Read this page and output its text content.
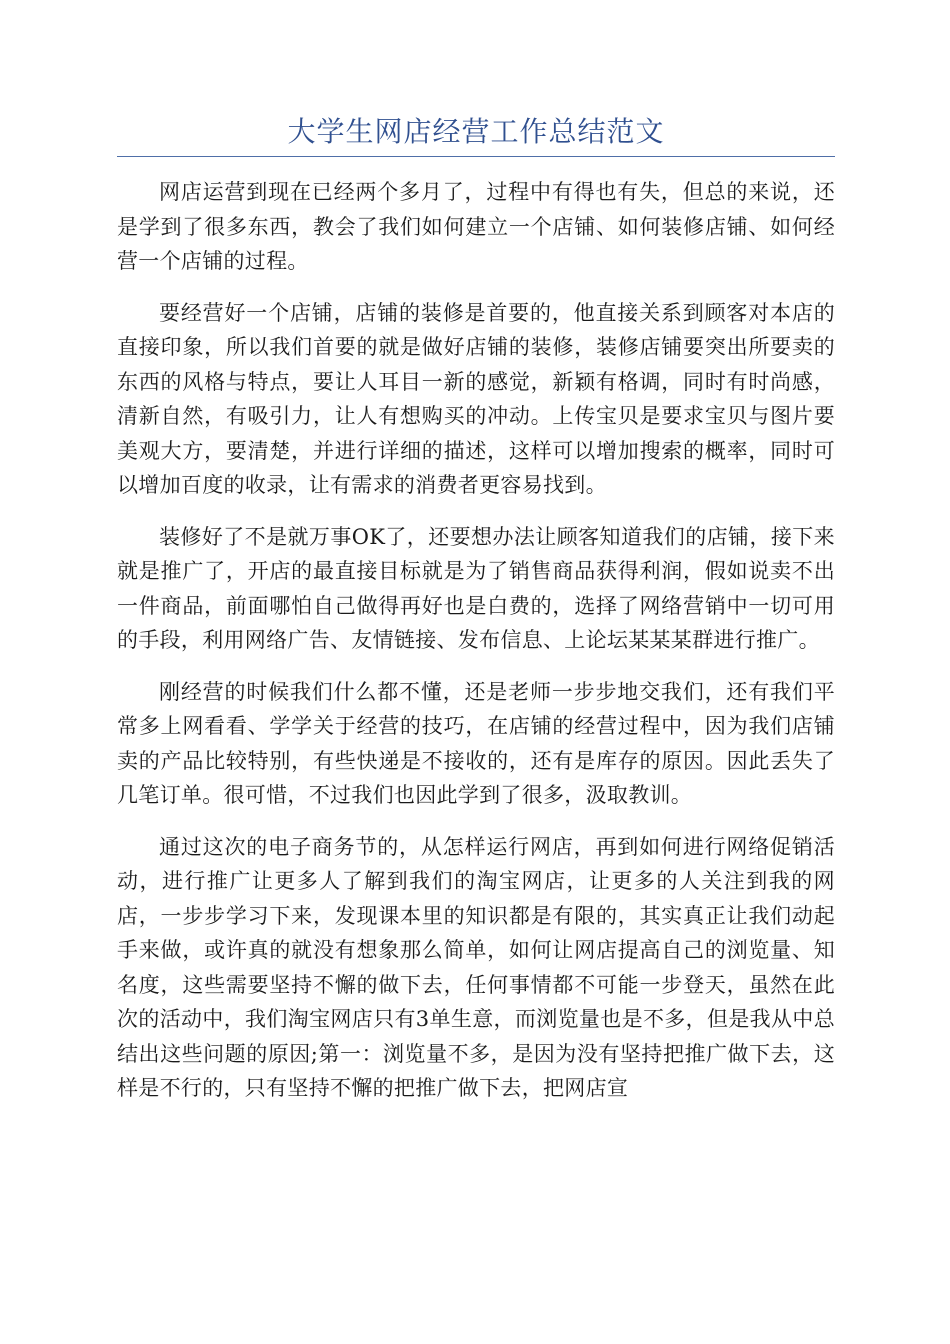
大学生网店经营工作总结范文

网店运营到现在已经两个多月了，过程中有得也有失，但总的来说，还是学到了很多东西，教会了我们如何建立一个店铺、如何装修店铺、如何经营一个店铺的过程。

要经营好一个店铺，店铺的装修是首要的，他直接关系到顾客对本店的直接印象，所以我们首要的就是做好店铺的装修，装修店铺要突出所要卖的东西的风格与特点，要让人耳目一新的感觉，新颖有格调，同时有时尚感，清新自然，有吸引力，让人有想购买的冲动。上传宝贝是要求宝贝与图片要美观大方，要清楚，并进行详细的描述，这样可以增加搜索的概率，同时可以增加百度的收录，让有需求的消费者更容易找到。

装修好了不是就万事OK了，还要想办法让顾客知道我们的店铺，接下来就是推广了，开店的最直接目标就是为了销售商品获得利润，假如说卖不出一件商品，前面哪怕自己做得再好也是白费的，选择了网络营销中一切可用的手段，利用网络广告、友情链接、发布信息、上论坛某某某群进行推广。

刚经营的时候我们什么都不懂，还是老师一步步地交我们，还有我们平常多上网看看、学学关于经营的技巧，在店铺的经营过程中，因为我们店铺卖的产品比较特别，有些快递是不接收的，还有是库存的原因。因此丢失了几笔订单。很可惜，不过我们也因此学到了很多，汲取教训。

通过这次的电子商务节的，从怎样运行网店，再到如何进行网络促销活动，进行推广让更多人了解到我们的淘宝网店，让更多的人关注到我的网店，一步步学习下来，发现课本里的知识都是有限的，其实真正让我们动起手来做，或许真的就没有想象那么简单，如何让网店提高自己的浏览量、知名度，这些需要坚持不懈的做下去，任何事情都不可能一步登天，虽然在此次的活动中，我们淘宝网店只有3单生意，而浏览量也是不多，但是我从中总结出这些问题的原因;第一：浏览量不多，是因为没有坚持把推广做下去，这样是不行的，只有坚持不懈的把推广做下去，把网店宣
